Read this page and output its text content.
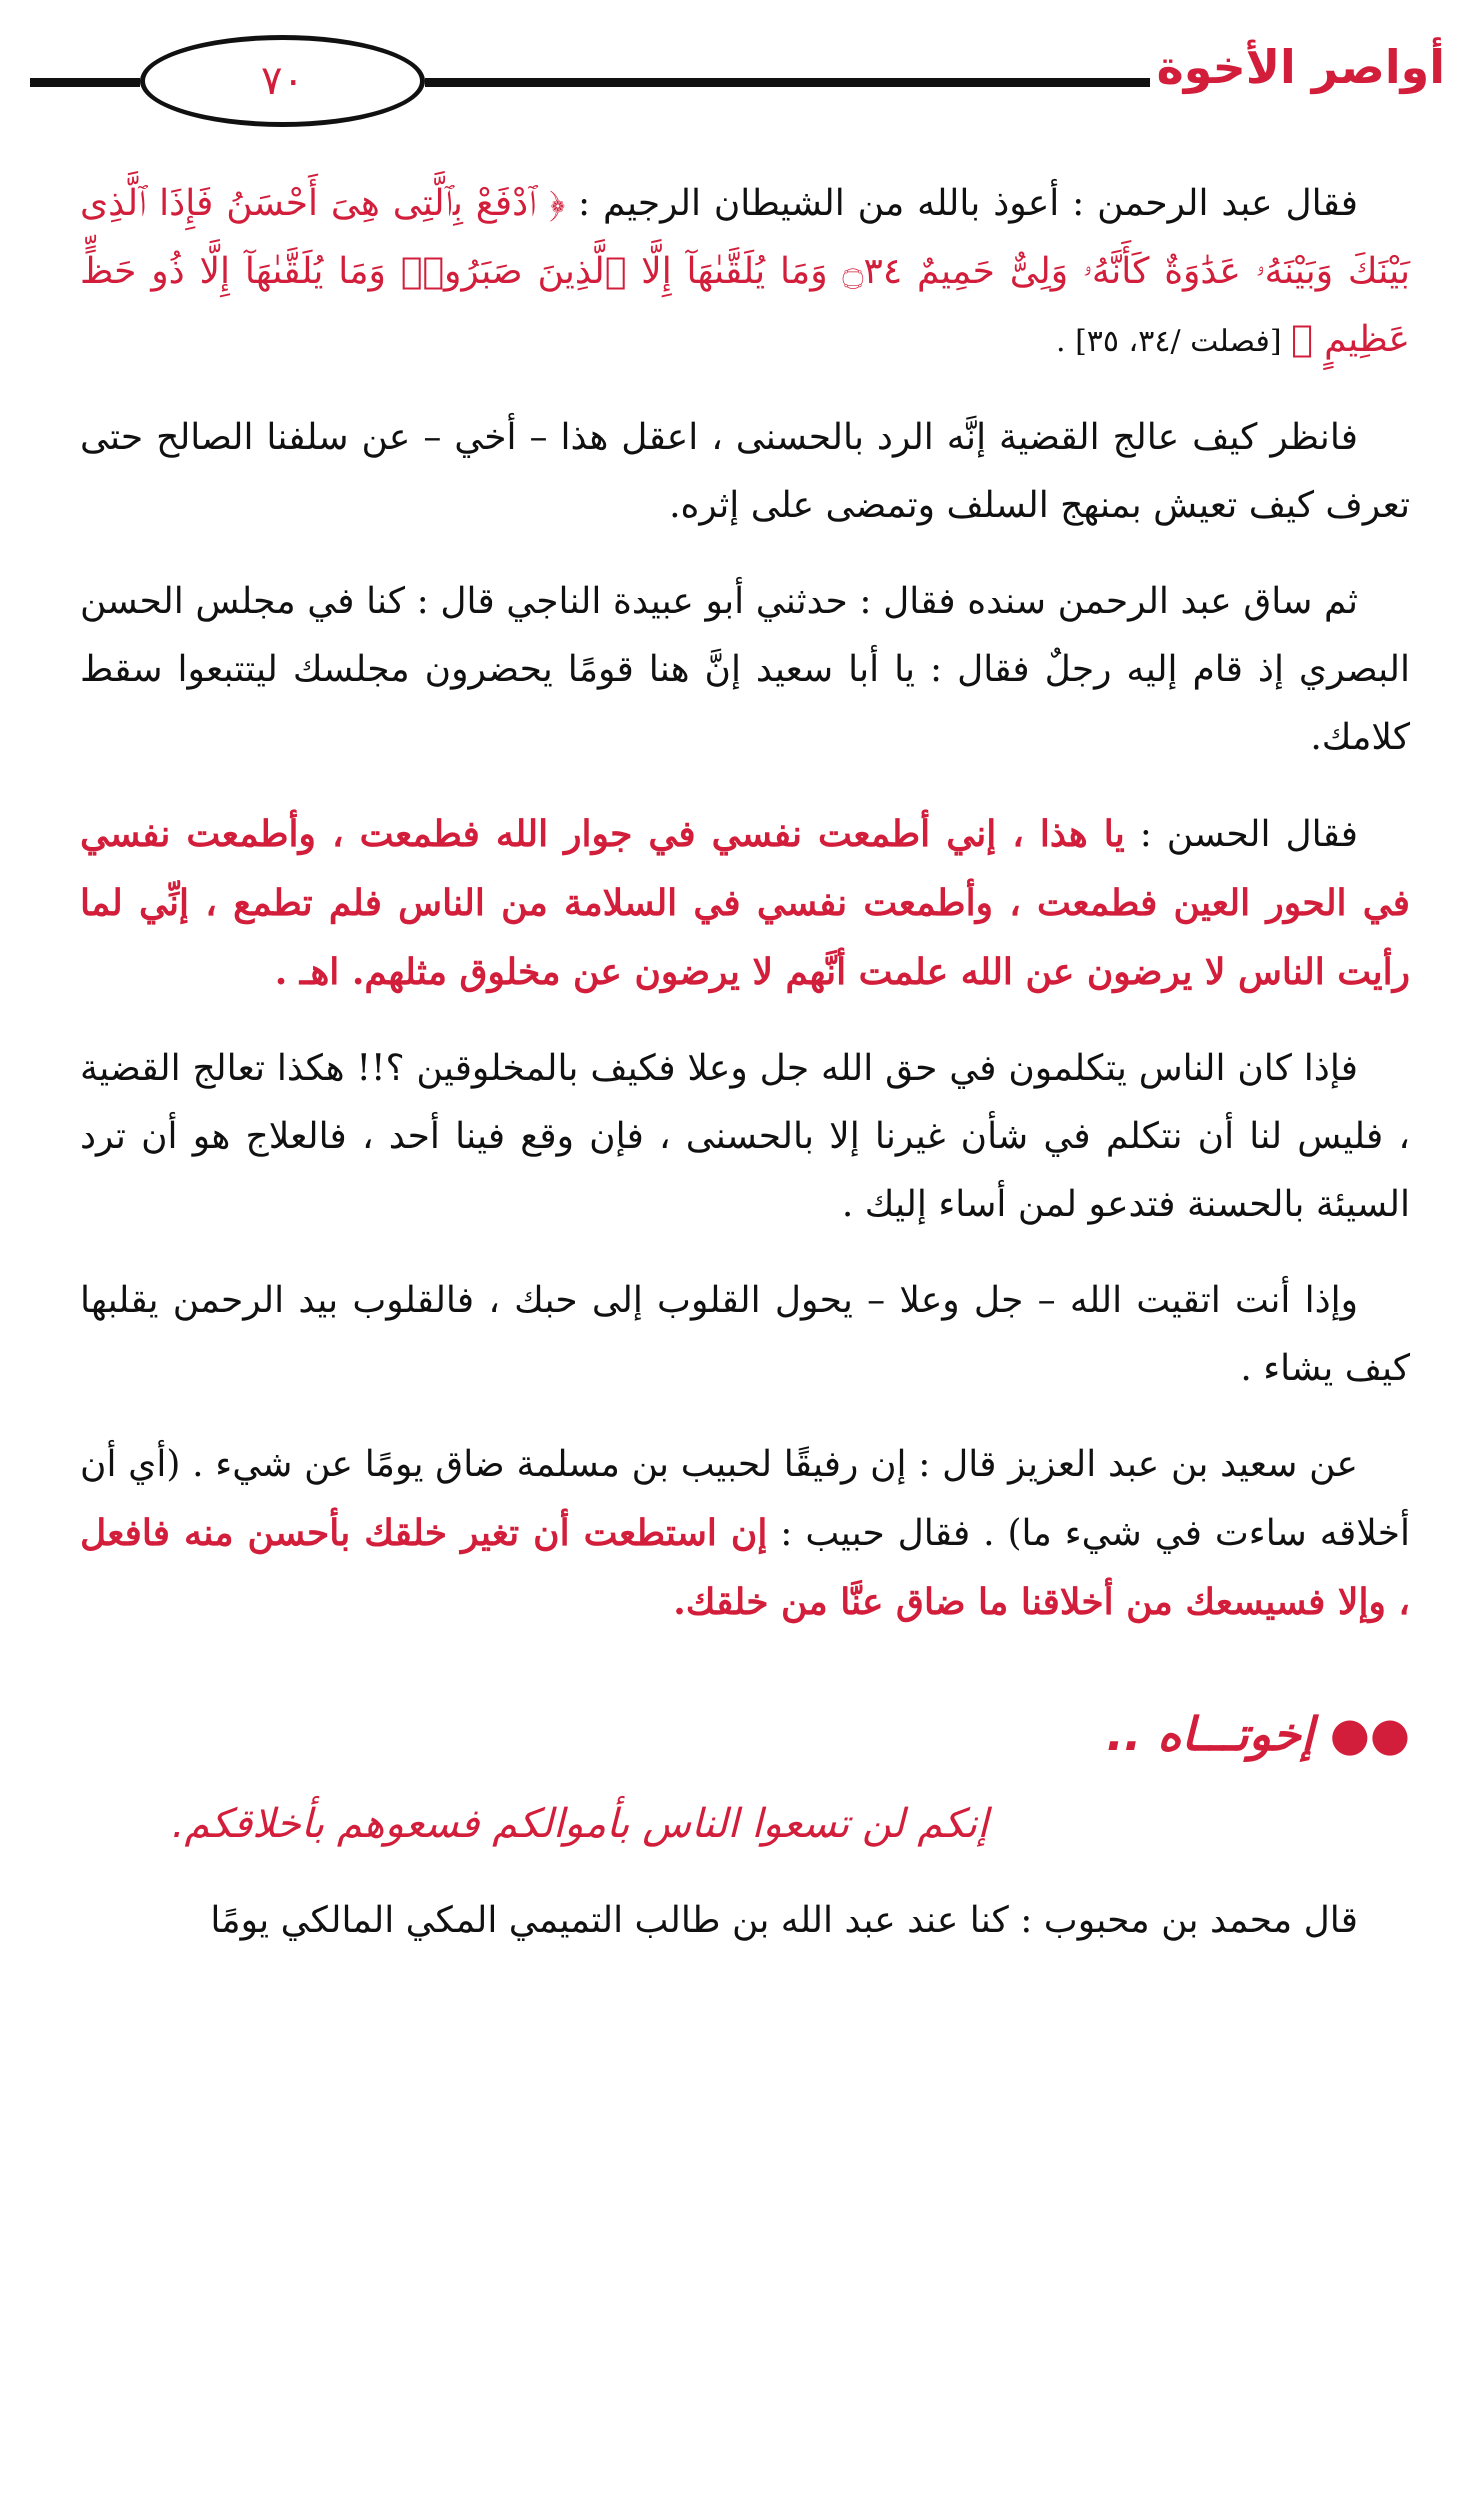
٧٠	أواصر الأخوة

فقال عبد الرحمن : أعوذ بالله من الشيطان الرجيم : ﴿ ٱدْفَعْ بِٱلَّتِى هِىَ أَحْسَنُ فَإِذَا ٱلَّذِى بَيْنَكَ وَبَيْنَهُۥ عَدَٰوَةٌ كَأَنَّهُۥ وَلِىٌّ حَمِيمٌ ۝٣٤ وَمَا يُلَقَّىٰهَآ إِلَّا ٱلَّذِينَ صَبَرُوا۟ وَمَا يُلَقَّىٰهَآ إِلَّا ذُو حَظٍّ عَظِيمٍ ﴾ [فصلت /٣٤، ٣٥] .

فانظر كيف عالج القضية إنَّه الرد بالحسنى ، اعقل هذا – أخي – عن سلفنا الصالح حتى تعرف كيف تعيش بمنهج السلف وتمضى على إثره.

ثم ساق عبد الرحمن سنده فقال : حدثني أبو عبيدة الناجي قال : كنا في مجلس الحسن البصري إذ قام إليه رجلٌ فقال : يا أبا سعيد إنَّ هنا قومًا يحضرون مجلسك ليتتبعوا سقط كلامك.

فقال الحسن : يا هذا ، إني أطمعت نفسي في جوار الله فطمعت ، وأطمعت نفسي في الحور العين فطمعت ، وأطمعت نفسي في السلامة من الناس فلم تطمع ، إنِّي لما رأيت الناس لا يرضون عن الله علمت أنَّهم لا يرضون عن مخلوق مثلهم. اهـ .

فإذا كان الناس يتكلمون في حق الله جل وعلا فكيف بالمخلوقين ؟!! هكذا تعالج القضية ، فليس لنا أن نتكلم في شأن غيرنا إلا بالحسنى ، فإن وقع فينا أحد ، فالعلاج هو أن ترد السيئة بالحسنة فتدعو لمن أساء إليك .

وإذا أنت اتقيت الله – جل وعلا – يحول القلوب إلى حبك ، فالقلوب بيد الرحمن يقلبها كيف يشاء .

عن سعيد بن عبد العزيز قال : إن رفيقًا لحبيب بن مسلمة ضاق يومًا عن شيء . (أي أن أخلاقه ساءت في شيء ما) . فقال حبيب : إن استطعت أن تغير خلقك بأحسن منه فافعل ، وإلا فسيسعك من أخلاقنا ما ضاق عنَّا من خلقك.

●● إخوتـــاه ..
إنكم لن تسعوا الناس بأموالكم فسعوهم بأخلاقكم.

قال محمد بن محبوب : كنا عند عبد الله بن طالب التميمي المكي المالكي يومًا
